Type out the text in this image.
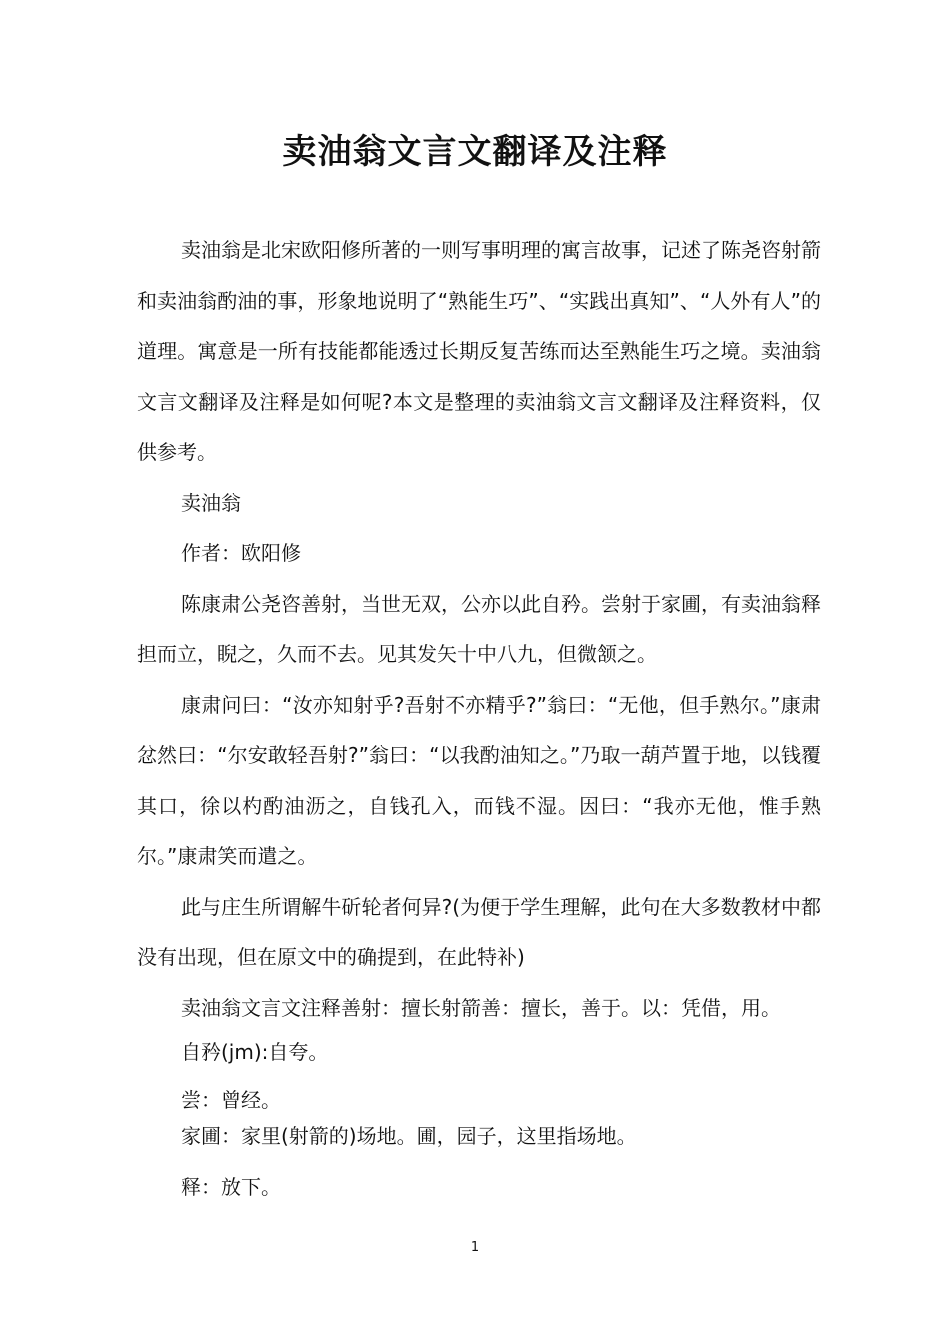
卖油翁文言文翻译及注释

卖油翁是北宋欧阳修所著的一则写事明理的寓言故事，记述了陈尧咨射箭和卖油翁酌油的事，形象地说明了“熟能生巧”、“实践出真知”、“人外有人”的道理。寓意是一所有技能都能透过长期反复苦练而达至熟能生巧之境。卖油翁文言文翻译及注释是如何呢?本文是整理的卖油翁文言文翻译及注释资料，仅供参考。

卖油翁

作者：欧阳修

陈康肃公尧咨善射，当世无双，公亦以此自矜。尝射于家圃，有卖油翁释担而立，睨之，久而不去。见其发矢十中八九，但微颔之。

康肃问曰：“汝亦知射乎?吾射不亦精乎?”翁曰：“无他，但手熟尔。”康肃忿然曰：“尔安敢轻吾射?”翁曰：“以我酌油知之。”乃取一葫芦置于地，以钱覆其口，徐以杓酌油沥之，自钱孔入，而钱不湿。因曰：“我亦无他，惟手熟尔。”康肃笑而遣之。

此与庄生所谓解牛斫轮者何异?(为便于学生理解，此句在大多数教材中都没有出现，但在原文中的确提到，在此特补)

卖油翁文言文注释善射：擅长射箭善：擅长，善于。以：凭借，用。

自矜(jm):自夸。

尝：曾经。

家圃：家里(射箭的)场地。圃，园子，这里指场地。

释：放下。

1
